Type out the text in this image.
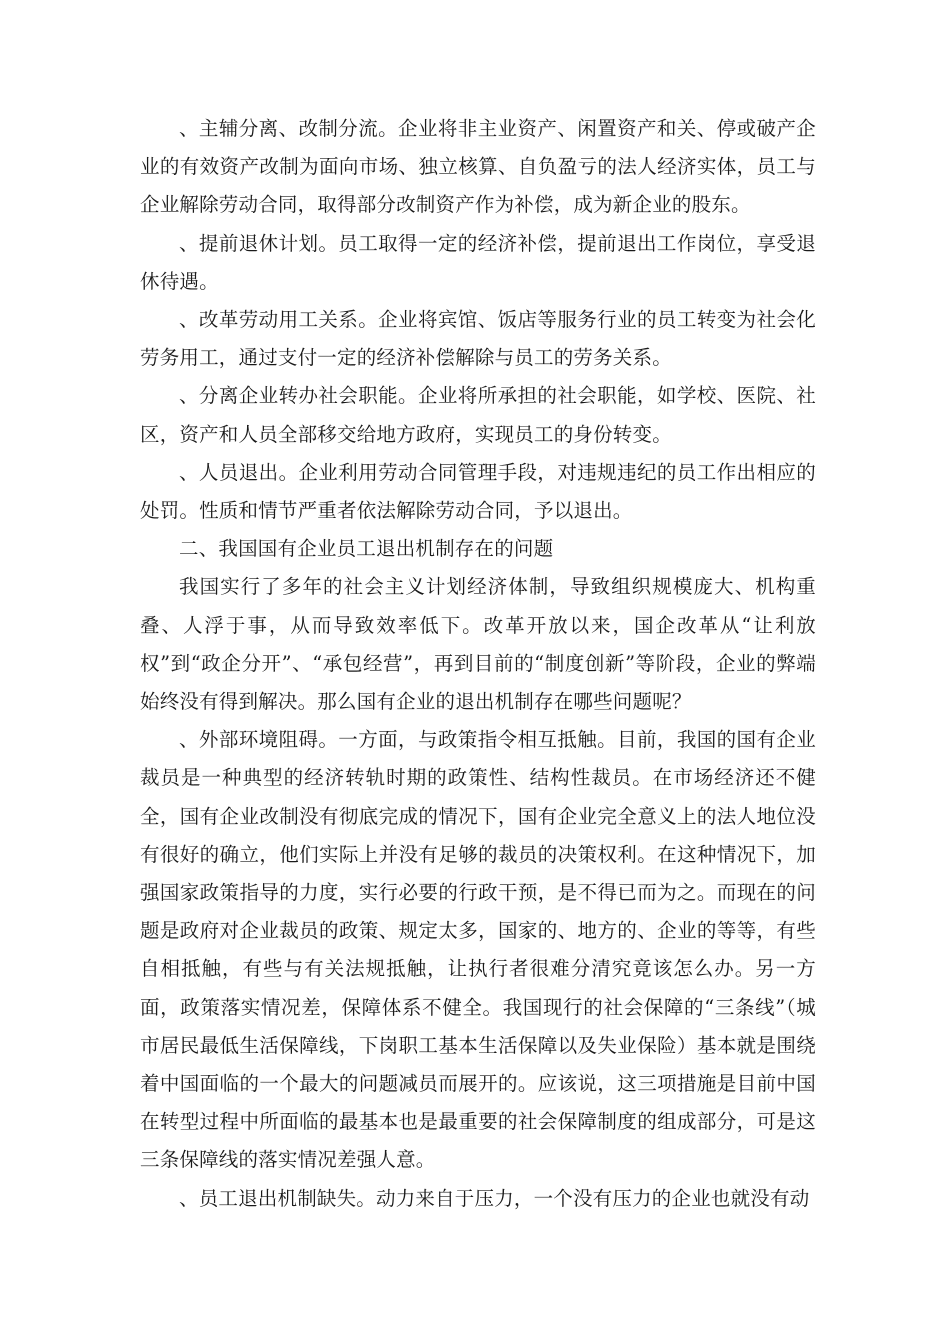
、主辅分离、改制分流。企业将非主业资产、闲置资产和关、停或破产企业的有效资产改制为面向市场、独立核算、自负盈亏的法人经济实体，员工与企业解除劳动合同，取得部分改制资产作为补偿，成为新企业的股东。

、提前退休计划。员工取得一定的经济补偿，提前退出工作岗位，享受退休待遇。

、改革劳动用工关系。企业将宾馆、饭店等服务行业的员工转变为社会化劳务用工，通过支付一定的经济补偿解除与员工的劳务关系。

、分离企业转办社会职能。企业将所承担的社会职能，如学校、医院、社区，资产和人员全部移交给地方政府，实现员工的身份转变。

、人员退出。企业利用劳动合同管理手段，对违规违纪的员工作出相应的处罚。性质和情节严重者依法解除劳动合同，予以退出。

二、我国国有企业员工退出机制存在的问题

我国实行了多年的社会主义计划经济体制，导致组织规模庞大、机构重叠、人浮于事，从而导致效率低下。改革开放以来，国企改革从“让利放权”到“政企分开”、“承包经营”，再到目前的“制度创新”等阶段，企业的弊端始终没有得到解决。那么国有企业的退出机制存在哪些问题呢？

、外部环境阻碍。一方面，与政策指令相互抵触。目前，我国的国有企业裁员是一种典型的经济转轨时期的政策性、结构性裁员。在市场经济还不健全，国有企业改制没有彻底完成的情况下，国有企业完全意义上的法人地位没有很好的确立，他们实际上并没有足够的裁员的决策权利。在这种情况下，加强国家政策指导的力度，实行必要的行政干预，是不得已而为之。而现在的问题是政府对企业裁员的政策、规定太多，国家的、地方的、企业的等等，有些自相抵触，有些与有关法规抵触，让执行者很难分清究竟该怎么办。另一方面，政策落实情况差，保障体系不健全。我国现行的社会保障的“三条线”（城市居民最低生活保障线，下岗职工基本生活保障以及失业保险）基本就是围绕着中国面临的一个最大的问题减员而展开的。应该说，这三项措施是目前中国在转型过程中所面临的最基本也是最重要的社会保障制度的组成部分，可是这三条保障线的落实情况差强人意。

、员工退出机制缺失。动力来自于压力，一个没有压力的企业也就没有动
